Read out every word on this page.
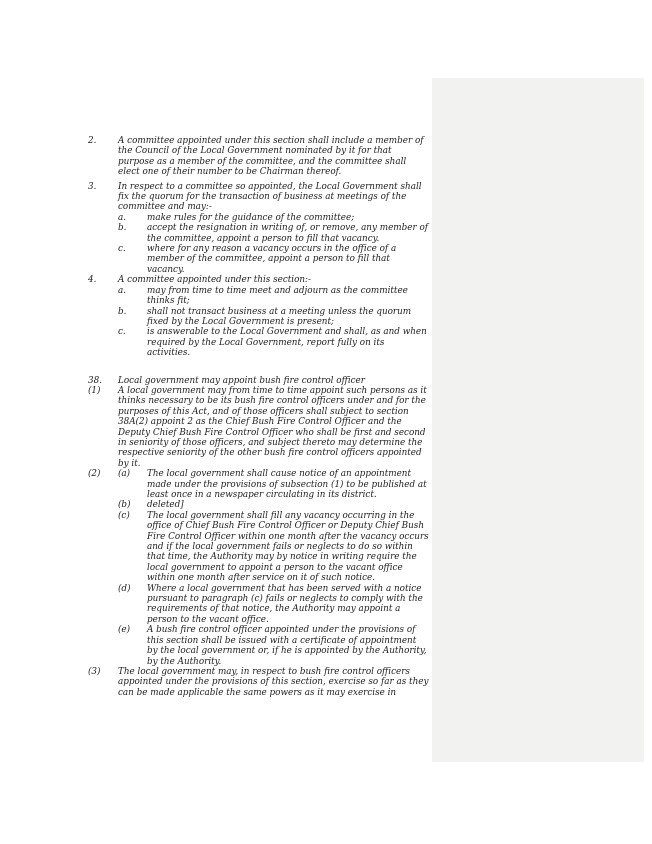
2.	A committee appointed under this section shall include a member of the Council of the Local Government nominated by it for that purpose as a member of the committee, and the committee shall elect one of their number to be Chairman thereof.
3.	In respect to a committee so appointed, the Local Government shall fix the quorum for the transaction of business at meetings of the committee and may:-
a.	make rules for the guidance of the committee;
b.	accept the resignation in writing of, or remove, any member of the committee, appoint a person to fill that vacancy.
c.	where for any reason a vacancy occurs in the office of a member of the committee, appoint a person to fill that vacancy.
4.	A committee appointed under this section:-
a.	may from time to time meet and adjourn as the committee thinks fit;
b.	shall not transact business at a meeting unless the quorum fixed by the Local Government is present;
c.	is answerable to the Local Government and shall, as and when required by the Local Government, report fully on its activities.
38.	Local government may appoint bush fire control officer
(1)	A local government may from time to time appoint such persons as it thinks necessary to be its bush fire control officers under and for the purposes of this Act, and of those officers shall subject to section 38A(2) appoint 2 as the Chief Bush Fire Control Officer and the Deputy Chief Bush Fire Control Officer who shall be first and second in seniority of those officers, and subject thereto may determine the respective seniority of the other bush fire control officers appointed by it.
(2)	(a)	The local government shall cause notice of an appointment made under the provisions of subsection (1) to be published at least once in a newspaper circulating in its district.
(b)	deleted]
(c)	The local government shall fill any vacancy occurring in the office of Chief Bush Fire Control Officer or Deputy Chief Bush Fire Control Officer within one month after the vacancy occurs and if the local government fails or neglects to do so within that time, the Authority may by notice in writing require the local government to appoint a person to the vacant office within one month after service on it of such notice.
(d)	Where a local government that has been served with a notice pursuant to paragraph (c) fails or neglects to comply with the requirements of that notice, the Authority may appoint a person to the vacant office.
(e)	A bush fire control officer appointed under the provisions of this section shall be issued with a certificate of appointment by the local government or, if he is appointed by the Authority, by the Authority.
(3)	The local government may, in respect to bush fire control officers appointed under the provisions of this section, exercise so far as they can be made applicable the same powers as it may exercise in
